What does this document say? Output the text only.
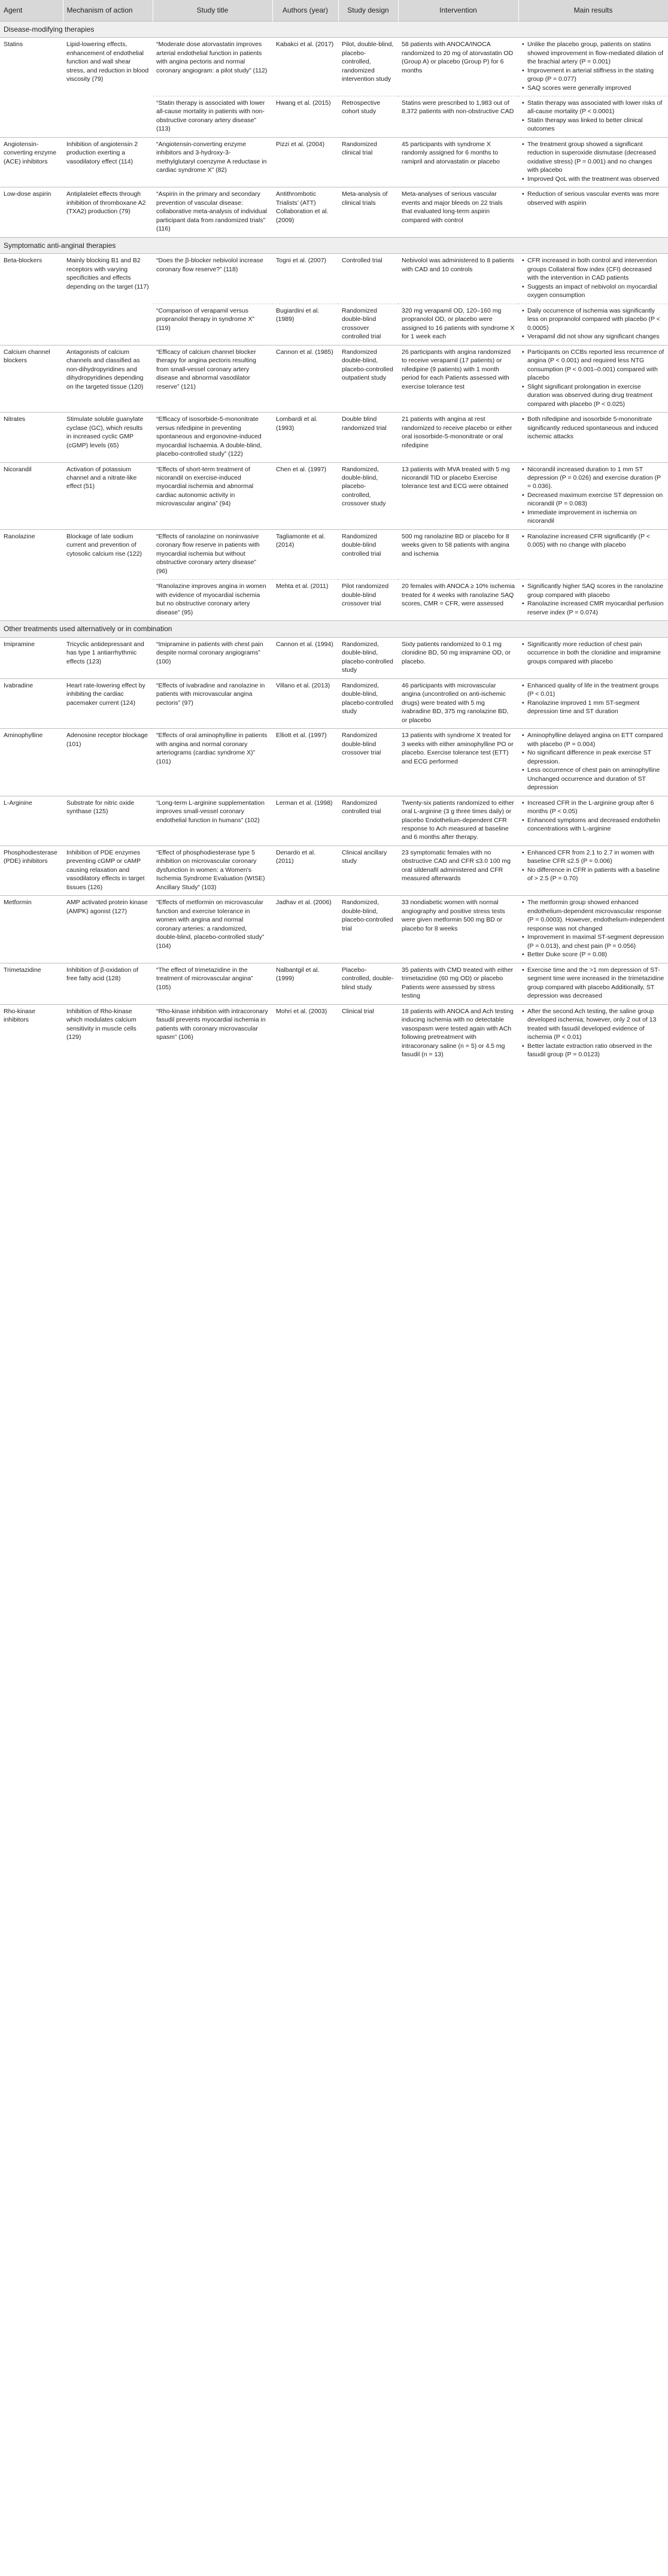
Agent	Mechanism of action	Study title	Authors (year)	Study design	Intervention	Main results
Disease-modifying therapies						
Statins	Lipid-lowering effects, enhancement of endothelial function and wall shear stress, and reduction in blood viscosity (79)	“Moderate dose atorvastatin improves arterial endothelial function in patients with angina pectoris and normal coronary angiogram: a pilot study” (112)	Kabakci et al. (2017)	Pilot, double-blind, placebo-controlled, randomized intervention study	58 patients with ANOCA/INOCA randomized to 20 mg of atorvastatin OD (Group A) or placebo (Group P) for 6 months	• Unlike the placebo group, patients on statins showed improvement in flow-mediated dilation of the brachial artery (P = 0.001)

• Improvement in arterial stiffness in the stating group (P = 0.077)

• SAQ scores were generally improved

		“Statin therapy is associated with lower all-cause mortality in patients with non-obstructive coronary artery disease” (113)	Hwang et al. (2015)	Retrospective cohort study	Statins were prescribed to 1,983 out of 8,372 patients with non-obstructive CAD	• Statin therapy was associated with lower risks of all-cause mortality (P < 0.0001)

• Statin therapy was linked to better clinical outcomes

Angiotensin-converting enzyme (ACE) inhibitors	Inhibition of angiotensin 2 production exerting a vasodilatory effect (114)	“Angiotensin-converting enzyme inhibitors and 3-hydroxy-3-methylglutaryl coenzyme A reductase in cardiac syndrome X” (82)	Pizzi et al. (2004)	Randomized clinical trial	45 participants with syndrome X randomly assigned for 6 months to ramipril and atorvastatin or placebo	• The treatment group showed a significant reduction in superoxide dismutase (decreased oxidative stress) (P = 0.001) and no changes with placebo

• Improved QoL with the treatment was observed

Low-dose aspirin	Antiplatelet effects through inhibition of thromboxane A2 (TXA2) production (79)	“Aspirin in the primary and secondary prevention of vascular disease: collaborative meta-analysis of individual participant data from randomized trials” (116)	Antithrombotic Trialists’ (ATT) Collaboration et al. (2009)	Meta-analysis of clinical trials	Meta-analyses of serious vascular events and major bleeds on 22 trials that evaluated long-term aspirin compared with control	• Reduction of serious vascular events was more observed with aspirin

Symptomatic anti-anginal therapies						
Beta-blockers	Mainly blocking B1 and B2 receptors with varying specificities and effects depending on the target (117)	“Does the β-blocker nebivolol increase coronary flow reserve?” (118)	Togni et al. (2007)	Controlled trial	Nebivolol was administered to 8 patients with CAD and 10 controls	• CFR increased in both control and intervention groups Collateral flow index (CFI) decreased with the intervention in CAD patients

• Suggests an impact of nebivolol on myocardial oxygen consumption

		“Comparison of verapamil versus propranolol therapy in syndrome X” (119)	Bugiardini et al. (1989)	Randomized double-blind crossover controlled trial	320 mg verapamil OD, 120–160 mg propranolol OD, or placebo were assigned to 16 patients with syndrome X for 1 week each	• Daily occurrence of ischemia was significantly less on propranolol compared with placebo (P < 0.0005)

• Verapamil did not show any significant changes

Calcium channel blockers	Antagonists of calcium channels and classified as non-dihydropyridines and dihydropyridines depending on the targeted tissue (120)	“Efficacy of calcium channel blocker therapy for angina pectoris resulting from small-vessel coronary artery disease and abnormal vasodilator reserve” (121)	Cannon et al. (1985)	Randomized double-blind, placebo-controlled outpatient study	26 participants with angina randomized to receive verapamil (17 patients) or nifedipine (9 patients) with 1 month period for each Patients assessed with exercise tolerance test	• Participants on CCBs reported less recurrence of angina (P < 0.001) and required less NTG consumption (P < 0.001–0.001) compared with placebo

• Slight significant prolongation in exercise duration was observed during drug treatment compared with placebo (P < 0.025)

Nitrates	Stimulate soluble guanylate cyclase (GC), which results in increased cyclic GMP (cGMP) levels (65)	“Efficacy of isosorbide-5-mononitrate versus nifedipine in preventing spontaneous and ergonovine-induced myocardial Ischaemia. A double-blind, placebo-controlled study” (122)	Lombardi et al. (1993)	Double blind randomized trial	21 patients with angina at rest randomized to receive placebo or either oral isosorbide-5-mononitrate or oral nifedipine	• Both nifedipine and isosorbide 5-mononitrate significantly reduced spontaneous and induced ischemic attacks

Nicorandil	Activation of potassium channel and a nitrate-like effect (51)	“Effects of short-term treatment of nicorandil on exercise-induced myocardial ischemia and abnormal cardiac autonomic activity in microvascular angina” (94)	Chen et al. (1997)	Randomized, double-blind, placebo-controlled, crossover study	13 patients with MVA treated with 5 mg nicorandil TID or placebo Exercise tolerance test and ECG were obtained	• Nicorandil increased duration to 1 mm ST depression (P = 0.026) and exercise duration (P = 0.036).

• Decreased maximum exercise ST depression on nicorandil (P = 0.083)

• Immediate improvement in ischemia on nicorandil

Ranolazine	Blockage of late sodium current and prevention of cytosolic calcium rise (122)	“Effects of ranolazine on noninvasive coronary flow reserve in patients with myocardial ischemia but without obstructive coronary artery disease” (96)	Tagliamonte et al. (2014)	Randomized double-blind controlled trial	500 mg ranolazine BD or placebo for 8 weeks given to 58 patients with angina and ischemia	• Ranolazine increased CFR significantly (P < 0.005) with no change with placebo

		“Ranolazine improves angina in women with evidence of myocardial ischemia but no obstructive coronary artery disease” (95)	Mehta et al. (2011)	Pilot randomized double-blind crossover trial	20 females with ANOCA ≥ 10% ischemia treated for 4 weeks with ranolazine SAQ scores, CMR = CFR, were assessed	• Significantly higher SAQ scores in the ranolazine group compared with placebo

• Ranolazine increased CMR myocardial perfusion reserve index (P = 0.074)

Other treatments used alternatively or in combination						
Imipramine	Tricyclic antidepressant and has type 1 antiarrhythmic effects (123)	“Imipramine in patients with chest pain despite normal coronary angiograms” (100)	Cannon et al. (1994)	Randomized, double-blind, placebo-controlled study	Sixty patients randomized to 0.1 mg clonidine BD, 50 mg imipramine OD, or placebo.	• Significantly more reduction of chest pain occurrence in both the clonidine and imipramine groups compared with placebo

Ivabradine	Heart rate-lowering effect by inhibiting the cardiac pacemaker current (124)	“Effects of ivabradine and ranolazine in patients with microvascular angina pectoris” (97)	Villano et al. (2013)	Randomized, double-blind, placebo-controlled study	46 participants with microvascular angina (uncontrolled on anti-ischemic drugs) were treated with 5 mg ivabradine BD, 375 mg ranolazine BD, or placebo	• Enhanced quality of life in the treatment groups (P < 0.01)

• Ranolazine improved 1 mm ST-segment depression time and ST duration

Aminophylline	Adenosine receptor blockage (101)	“Effects of oral aminophylline in patients with angina and normal coronary arteriograms (cardiac syndrome X)” (101)	Elliott et al. (1997)	Randomized double-blind crossover trial	13 patients with syndrome X treated for 3 weeks with either aminophylline PO or placebo. Exercise tolerance test (ETT) and ECG performed	• Aminophylline delayed angina on ETT compared with placebo (P = 0.004)

• No significant difference in peak exercise ST depression.

• Less occurrence of chest pain on aminophylline Unchanged occurrence and duration of ST depression

L-Arginine	Substrate for nitric oxide synthase (125)	“Long-term L-arginine supplementation improves small-vessel coronary endothelial function in humans” (102)	Lerman et al. (1998)	Randomized controlled trial	Twenty-six patients randomized to either oral L-arginine (3 g three times daily) or placebo Endothelium-dependent CFR response to Ach measured at baseline and 6 months after therapy.	• Increased CFR in the L-arginine group after 6 months (P < 0.05)

• Enhanced symptoms and decreased endothelin concentrations with L-arginine

Phosphodiesterase (PDE) inhibitors	Inhibition of PDE enzymes preventing cGMP or cAMP causing relaxation and vasodilatory effects in target tissues (126)	“Effect of phosphodiesterase type 5 inhibition on microvascular coronary dysfunction in women: a Women’s Ischemia Syndrome Evaluation (WISE) Ancillary Study” (103)	Denardo et al. (2011)	Clinical ancillary study	23 symptomatic females with no obstructive CAD and CFR ≤3.0 100 mg oral sildenafil administered and CFR measured afterwards	• Enhanced CFR from 2.1 to 2.7 in women with baseline CFR ≤2.5 (P = 0.006)

• No difference in CFR in patients with a baseline of > 2.5 (P = 0.70)

Metformin	AMP activated protein kinase (AMPK) agonist (127)	“Effects of metformin on microvascular function and exercise tolerance in women with angina and normal coronary arteries: a randomized, double-blind, placebo-controlled study” (104)	Jadhav et al. (2006)	Randomized, double-blind, placebo-controlled trial	33 nondiabetic women with normal angiography and positive stress tests were given metformin 500 mg BD or placebo for 8 weeks	• The metformin group showed enhanced endothelium-dependent microvascular response (P = 0.0003). However, endothelium-independent response was not changed

• Improvement in maximal ST-segment depression (P = 0.013), and chest pain (P = 0.056)

• Better Duke score (P = 0.08)

Trimetazidine	Inhibition of β-oxidation of free fatty acid (128)	“The effect of trimetazidine in the treatment of microvascular angina” (105)	Nalbantgil et al. (1999)	Placebo-controlled, double-blind study	35 patients with CMD treated with either trimetazidine (60 mg OD) or placebo Patients were assessed by stress testing	• Exercise time and the >1 mm depression of ST-segment time were increased in the trimetazidine group compared with placebo Additionally, ST depression was decreased

Rho-kinase inhibitors	Inhibition of Rho-kinase which modulates calcium sensitivity in muscle cells (129)	“Rho-kinase inhibition with intracoronary fasudil prevents myocardial ischemia in patients with coronary microvascular spasm” (106)	Mohri et al. (2003)	Clinical trial	18 patients with ANOCA and Ach testing inducing ischemia with no detectable vasospasm were tested again with ACh following pretreatment with intracoronary saline (n = 5) or 4.5 mg fasudil (n = 13)	• After the second Ach testing, the saline group developed ischemia; however, only 2 out of 13 treated with fasudil developed evidence of ischemia (P < 0.01)

• Better lactate extraction ratio observed in the fasudil group (P = 0.0123)
